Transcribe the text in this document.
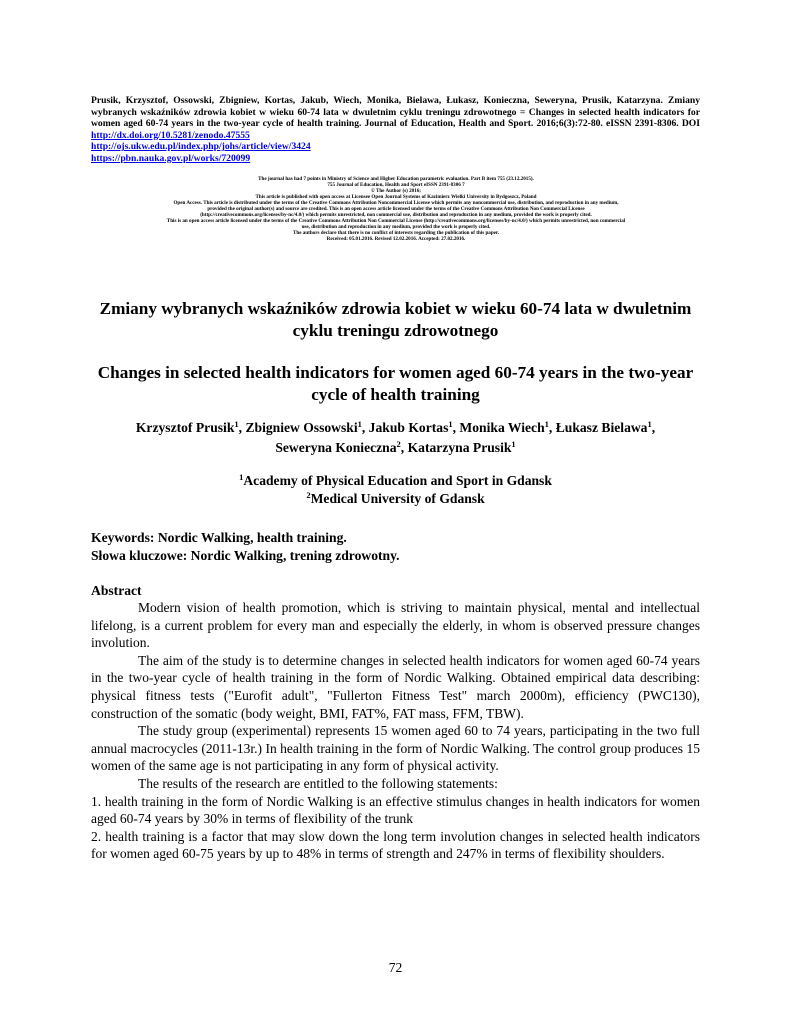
Prusik, Krzysztof, Ossowski, Zbigniew, Kortas, Jakub, Wiech, Monika, Bielawa, Łukasz, Konieczna, Seweryna, Prusik, Katarzyna. Zmiany wybranych wskaźników zdrowia kobiet w wieku 60-74 lata w dwuletnim cyklu treningu zdrowotnego = Changes in selected health indicators for women aged 60-74 years in the two-year cycle of health training. Journal of Education, Health and Sport. 2016;6(3):72-80. eISSN 2391-8306. DOI http://dx.doi.org/10.5281/zenodo.47555
http://ojs.ukw.edu.pl/index.php/johs/article/view/3424
https://pbn.nauka.gov.pl/works/720099
The journal has had 7 points in Ministry of Science and Higher Education parametric evaluation. Part B item 755 (23.12.2015).
755 Journal of Education, Health and Sport eISSN 2391-8306 7
© The Author (s) 2016;
This article is published with open access at Licensee Open Journal Systems of Kazimierz Wielki University in Bydgoszcz, Poland
Open Access. This article is distributed under the terms of the Creative Commons Attribution Noncommercial License which permits any noncommercial use, distribution, and reproduction in any medium,
provided the original author(s) and source are credited. This is an open access article licensed under the terms of the Creative Commons Attribution Non Commercial License
(http://creativecommons.org/licenses/by-nc/4.0/) which permits unrestricted, non commercial use, distribution and reproduction in any medium, provided the work is properly cited.
This is an open access article licensed under the terms of the Creative Commons Attribution Non Commercial License (http://creativecommons.org/licenses/by-nc/4.0/) which permits unrestricted, non commercial
use, distribution and reproduction in any medium, provided the work is properly cited.
The authors declare that there is no conflict of interests regarding the publication of this paper.
Received: 05.01.2016. Revised 12.02.2016. Accepted: 27.02.2016.
Zmiany wybranych wskaźników zdrowia kobiet w wieku 60-74 lata w dwuletnim cyklu treningu zdrowotnego
Changes in selected health indicators for women aged 60-74 years in the two-year cycle of health training
Krzysztof Prusik$^1$, Zbigniew Ossowski$^1$, Jakub Kortas$^1$, Monika Wiech$^1$, Łukasz Bielawa$^1$,
Seweryna Konieczna$^2$, Katarzyna Prusik$^1$
$^1$Academy of Physical Education and Sport in Gdansk
$^2$Medical University of Gdansk
Keywords: Nordic Walking, health training.
Słowa kluczowe: Nordic Walking, trening zdrowotny.
Abstract

Modern vision of health promotion, which is striving to maintain physical, mental and intellectual lifelong, is a current problem for every man and especially the elderly, in whom is observed pressure changes involution.

The aim of the study is to determine changes in selected health indicators for women aged 60-74 years in the two-year cycle of health training in the form of Nordic Walking. Obtained empirical data describing: physical fitness tests ("Eurofit adult", "Fullerton Fitness Test" march 2000m), efficiency (PWC130), construction of the somatic (body weight, BMI, FAT%, FAT mass, FFM, TBW).

The study group (experimental) represents 15 women aged 60 to 74 years, participating in the two full annual macrocycles (2011-13r.) In health training in the form of Nordic Walking. The control group produces 15 women of the same age is not participating in any form of physical activity.

The results of the research are entitled to the following statements:

1. health training in the form of Nordic Walking is an effective stimulus changes in health indicators for women aged 60-74 years by 30% in terms of flexibility of the trunk

2. health training is a factor that may slow down the long term involution changes in selected health indicators for women aged 60-75 years by up to 48% in terms of strength and 247% in terms of flexibility shoulders.

72
